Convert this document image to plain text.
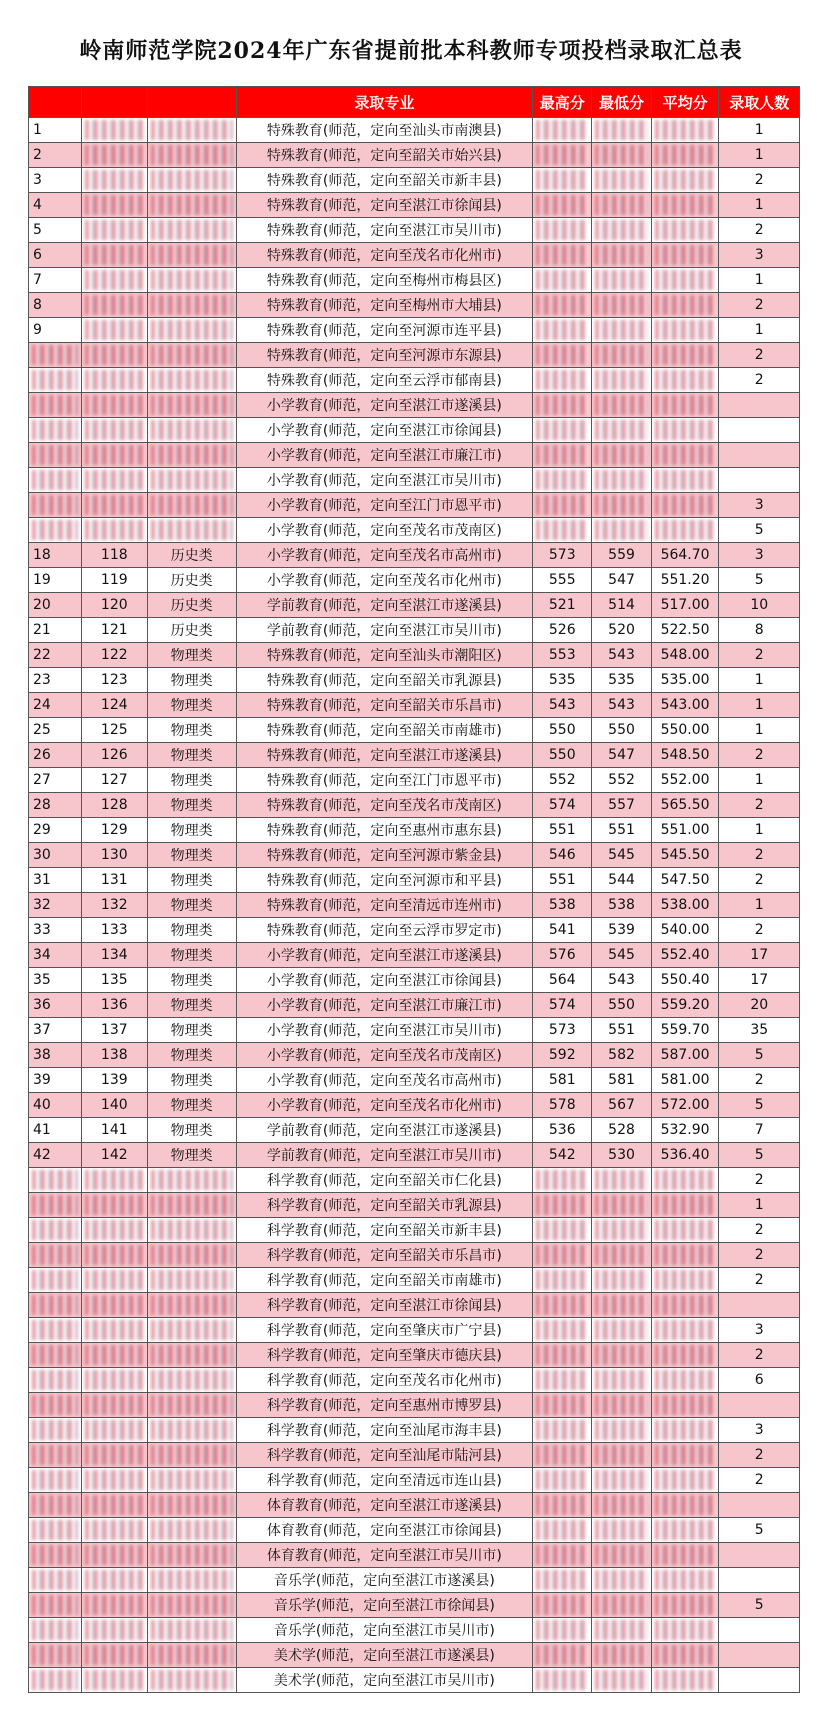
岭南师范学院2024年广东省提前批本科教师专项投档录取汇总表
			录取专业	最高分	最低分	平均分	录取人数
1			特殊教育(师范，定向至汕头市南澳县)				1
2			特殊教育(师范，定向至韶关市始兴县)				1
3			特殊教育(师范，定向至韶关市新丰县)				2
4			特殊教育(师范，定向至湛江市徐闻县)				1
5			特殊教育(师范，定向至湛江市吴川市)				2
6			特殊教育(师范，定向至茂名市化州市)				3
7			特殊教育(师范，定向至梅州市梅县区)				1
8			特殊教育(师范，定向至梅州市大埔县)				2
9			特殊教育(师范，定向至河源市连平县)				1
			特殊教育(师范，定向至河源市东源县)				2
			特殊教育(师范，定向至云浮市郁南县)				2
			小学教育(师范，定向至湛江市遂溪县)				
			小学教育(师范，定向至湛江市徐闻县)				
			小学教育(师范，定向至湛江市廉江市)				
			小学教育(师范，定向至湛江市吴川市)				
			小学教育(师范，定向至江门市恩平市)				3
			小学教育(师范，定向至茂名市茂南区)				5
18	118	历史类	小学教育(师范，定向至茂名市高州市)	573	559	564.70	3
19	119	历史类	小学教育(师范，定向至茂名市化州市)	555	547	551.20	5
20	120	历史类	学前教育(师范，定向至湛江市遂溪县)	521	514	517.00	10
21	121	历史类	学前教育(师范，定向至湛江市吴川市)	526	520	522.50	8
22	122	物理类	特殊教育(师范，定向至汕头市潮阳区)	553	543	548.00	2
23	123	物理类	特殊教育(师范，定向至韶关市乳源县)	535	535	535.00	1
24	124	物理类	特殊教育(师范，定向至韶关市乐昌市)	543	543	543.00	1
25	125	物理类	特殊教育(师范，定向至韶关市南雄市)	550	550	550.00	1
26	126	物理类	特殊教育(师范，定向至湛江市遂溪县)	550	547	548.50	2
27	127	物理类	特殊教育(师范，定向至江门市恩平市)	552	552	552.00	1
28	128	物理类	特殊教育(师范，定向至茂名市茂南区)	574	557	565.50	2
29	129	物理类	特殊教育(师范，定向至惠州市惠东县)	551	551	551.00	1
30	130	物理类	特殊教育(师范，定向至河源市紫金县)	546	545	545.50	2
31	131	物理类	特殊教育(师范，定向至河源市和平县)	551	544	547.50	2
32	132	物理类	特殊教育(师范，定向至清远市连州市)	538	538	538.00	1
33	133	物理类	特殊教育(师范，定向至云浮市罗定市)	541	539	540.00	2
34	134	物理类	小学教育(师范，定向至湛江市遂溪县)	576	545	552.40	17
35	135	物理类	小学教育(师范，定向至湛江市徐闻县)	564	543	550.40	17
36	136	物理类	小学教育(师范，定向至湛江市廉江市)	574	550	559.20	20
37	137	物理类	小学教育(师范，定向至湛江市吴川市)	573	551	559.70	35
38	138	物理类	小学教育(师范，定向至茂名市茂南区)	592	582	587.00	5
39	139	物理类	小学教育(师范，定向至茂名市高州市)	581	581	581.00	2
40	140	物理类	小学教育(师范，定向至茂名市化州市)	578	567	572.00	5
41	141	物理类	学前教育(师范，定向至湛江市遂溪县)	536	528	532.90	7
42	142	物理类	学前教育(师范，定向至湛江市吴川市)	542	530	536.40	5
			科学教育(师范，定向至韶关市仁化县)				2
			科学教育(师范，定向至韶关市乳源县)				1
			科学教育(师范，定向至韶关市新丰县)				2
			科学教育(师范，定向至韶关市乐昌市)				2
			科学教育(师范，定向至韶关市南雄市)				2
			科学教育(师范，定向至湛江市徐闻县)				
			科学教育(师范，定向至肇庆市广宁县)				3
			科学教育(师范，定向至肇庆市德庆县)				2
			科学教育(师范，定向至茂名市化州市)				6
			科学教育(师范，定向至惠州市博罗县)				
			科学教育(师范，定向至汕尾市海丰县)				3
			科学教育(师范，定向至汕尾市陆河县)				2
			科学教育(师范，定向至清远市连山县)				2
			体育教育(师范，定向至湛江市遂溪县)				
			体育教育(师范，定向至湛江市徐闻县)				5
			体育教育(师范，定向至湛江市吴川市)				
			音乐学(师范，定向至湛江市遂溪县)				
			音乐学(师范，定向至湛江市徐闻县)				5
			音乐学(师范，定向至湛江市吴川市)				
			美术学(师范，定向至湛江市遂溪县)				
			美术学(师范，定向至湛江市吴川市)				
